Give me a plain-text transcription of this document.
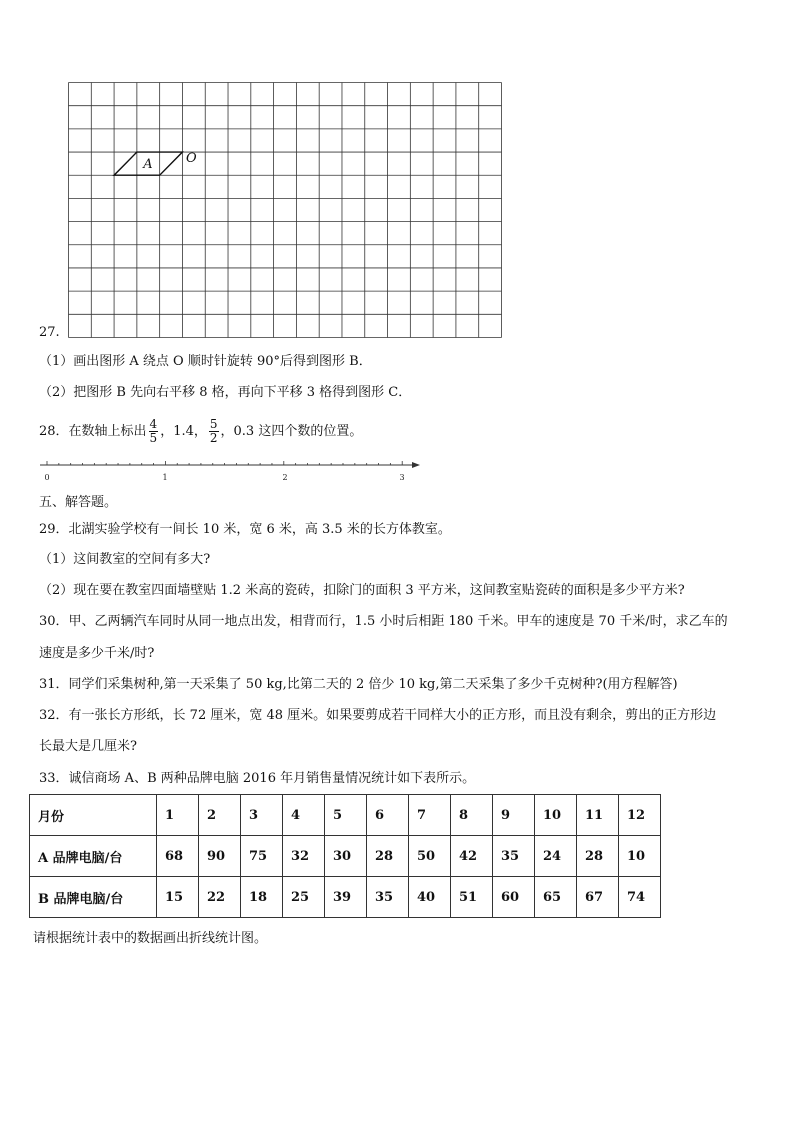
A	O
27.
（1）画出图形 A 绕点 O 顺时针旋转 90°后得到图形 B．
（2）把图形 B 先向右平移 8 格，再向下平移 3 格得到图形 C．
28．在数轴上标出 $\frac{4}{5}$ ，1.4， $\frac{5}{2}$ ，0.3 这四个数的位置。
0	1	2	3
五、解答题。
29．北湖实验学校有一间长 10 米，宽 6 米，高 3.5 米的长方体教室。
（1）这间教室的空间有多大?
（2）现在要在教室四面墙壁贴 1.2 米高的瓷砖，扣除门的面积 3 平方米，这间教室贴瓷砖的面积是多少平方米?
30．甲、乙两辆汽车同时从同一地点出发，相背而行，1.5 小时后相距 180 千米。甲车的速度是 70 千米/时，求乙车的
速度是多少千米/时?
31．同学们采集树种,第一天采集了 50 kg,比第二天的 2 倍少 10 kg,第二天采集了多少千克树种?(用方程解答)
32．有一张长方形纸，长 72 厘米，宽 48 厘米。如果要剪成若干同样大小的正方形，而且没有剩余，剪出的正方形边
长最大是几厘米?
33．诚信商场 A、B 两种品牌电脑 2016 年月销售量情况统计如下表所示。
月份	1	2	3	4	5	6	7	8	9	10	11	12
A 品牌电脑/台	68	90	75	32	30	28	50	42	35	24	28	10
B 品牌电脑/台	15	22	18	25	39	35	40	51	60	65	67	74
请根据统计表中的数据画出折线统计图。
